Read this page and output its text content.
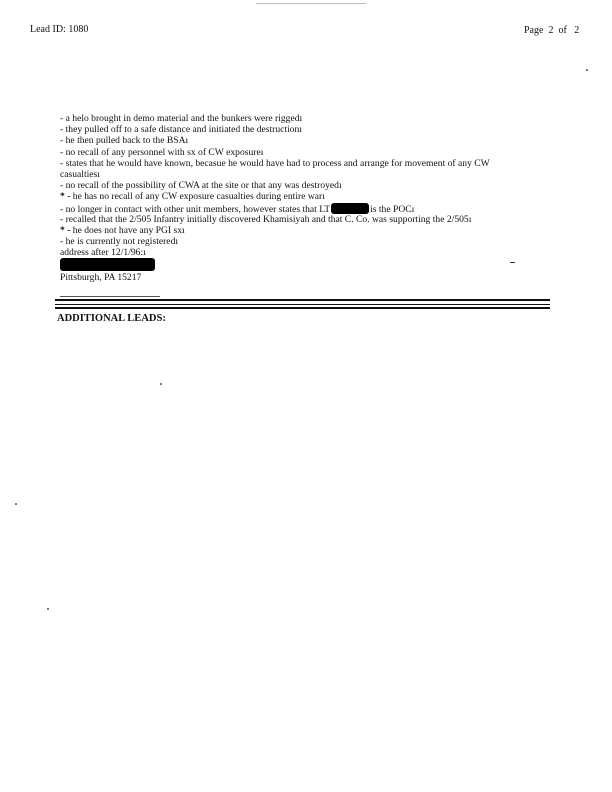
Lead ID: 1080	Page 2 of 2
- a helo brought in demo material and the bunkers were riggedı
- they pulled off to a safe distance and initiated the destructionı
- he then pulled back to the BSAı
- no recall of any personnel with sx of CW exposureı
- states that he would have known, becasue he would have had to process and arrange for movement of any CW casualtiesı
- no recall of the possibility of CWA at the site or that any was destroyedı
* - he has no recall of any CW exposure casualties during entire warı
- no longer in contact with other unit members, however states that LT	is the POCı
- recalled that the 2/505 Infantry initially discovered Khamisiyah and that C. Co. was supporting the 2/505ı
* - he does not have any PGI sxı
- he is currently not registeredı
address after 12/1/96:ı
Pittsburgh, PA 15217
ADDITIONAL LEADS:
